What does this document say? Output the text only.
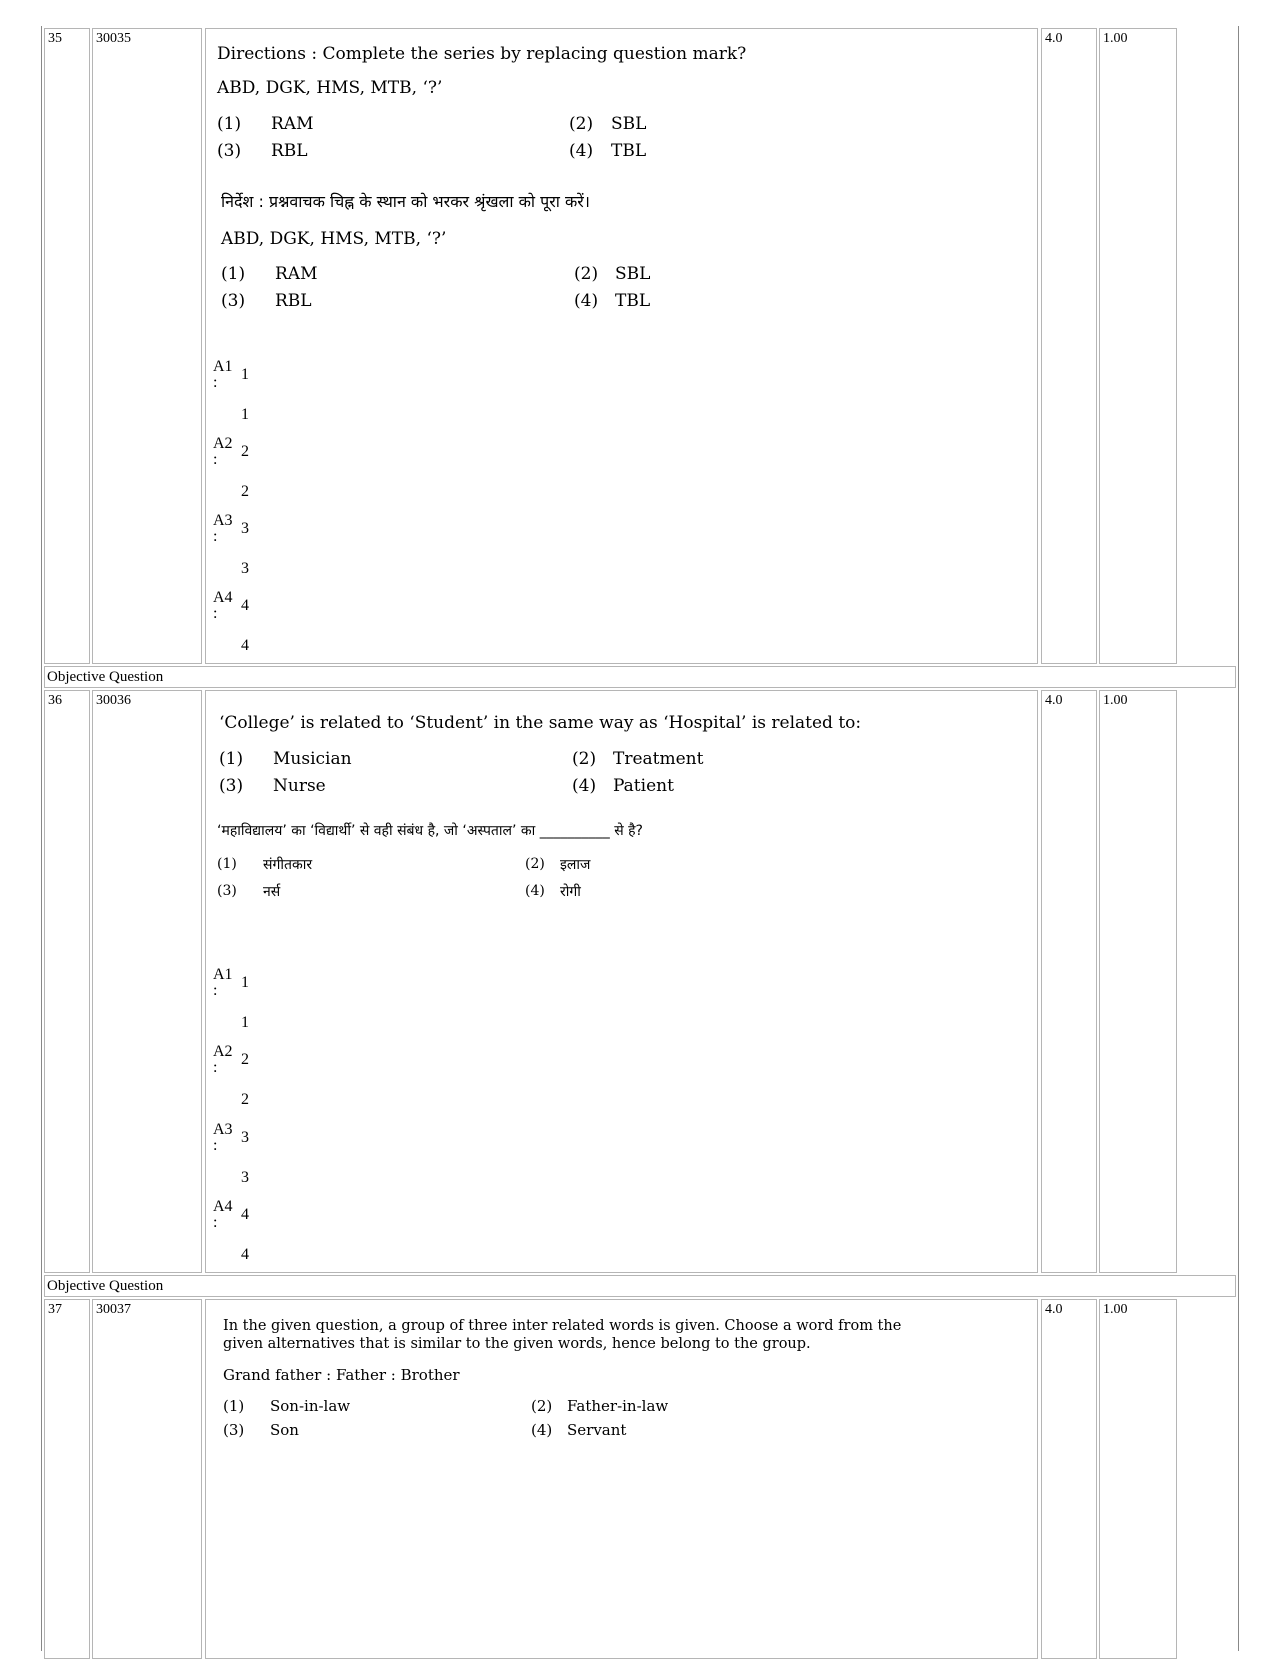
35 30035	4.0	1.00
Directions : Complete the series by replacing question mark?
ABD, DGK, HMS, MTB, ‘?’
(1) RAM	(2) SBL
(3) RBL	(4) TBL
निर्देश : प्रश्नवाचक चिह्न के स्थान को भरकर श्रृंखला को पूरा करें।
ABD, DGK, HMS, MTB, ‘?’
(1) RAM	(2) SBL
(3) RBL	(4) TBL
A1
: 1
1
A2
: 2
2
A3
: 3
3
A4
: 4
4
Objective Question
36 30036	4.0	1.00
‘College’ is related to ‘Student’ in the same way as ‘Hospital’ is related to:
(1) Musician	(2) Treatment
(3) Nurse	(4) Patient
‘महाविद्यालय’ का ‘विद्यार्थी’ से वही संबंध है, जो ‘अस्पताल’ का __________ से है?
(1) संगीतकार	(2) इलाज
(3) नर्स	(4) रोगी
A1
: 1
1
A2
: 2
2
A3
: 3
3
A4
: 4
4
Objective Question
37 30037	4.0	1.00
In the given question, a group of three inter related words is given. Choose a word from the
given alternatives that is similar to the given words, hence belong to the group.
Grand father : Father : Brother
(1) Son-in-law	(2) Father-in-law
(3) Son	(4) Servant
